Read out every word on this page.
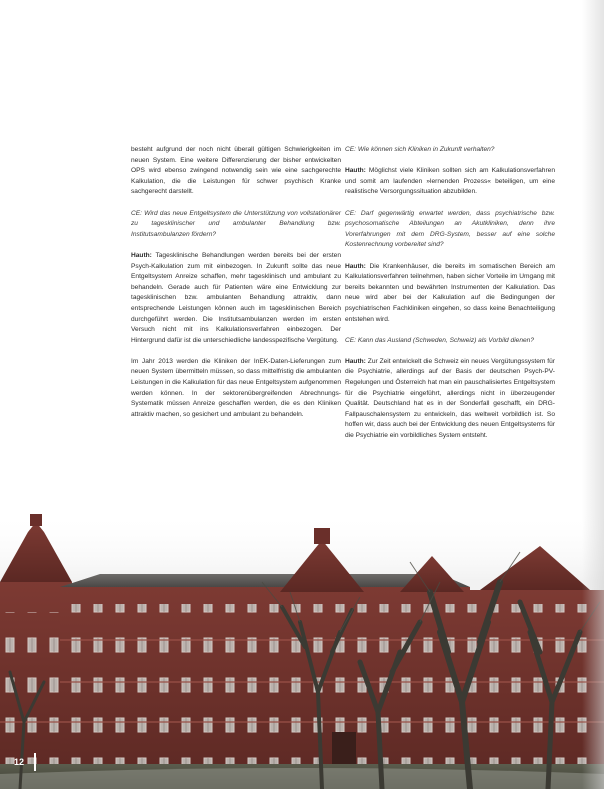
besteht aufgrund der noch nicht überall gültigen Schwierigkeiten im neuen System. Eine weitere Differenzierung der bisher entwickelten OPS wird ebenso zwingend notwendig sein wie eine sachgerechte Kalkulation, die die Leistungen für schwer psychisch Kranke sachgerecht darstellt.

CE: Wird das neue Entgeltsystem die Unterstützung von vollstationärer zu tagesklinischer und ambulanter Behandlung bzw. Institutsambulanzen fördern?

Hauth: Tagesklinische Behandlungen werden bereits bei der ersten Psych-Kalkulation zum mit einbezogen. In Zukunft sollte das neue Entgeltsystem Anreize schaffen, mehr tagesklinisch und ambulant zu behandeln. Gerade auch für Patienten wäre eine Entwicklung zur tagesklinischen bzw. ambulanten Behandlung attraktiv, dann entsprechende Leistungen können auch im tagesklinischen Bereich durchgeführt werden. Die Institutsambulanzen werden im ersten Versuch nicht mit ins Kalkulationsverfahren einbezogen. Der Hintergrund dafür ist die unterschiedliche landesspezifische Vergütung.

Im Jahr 2013 werden die Kliniken der InEK-Daten-Lieferungen zum neuen System übermitteln müssen, so dass mittelfristig die ambulanten Leistungen in die Kalkulation für das neue Entgeltsystem aufgenommen werden können. In der sektorenübergreifenden Abrechnungs-Systematik müssen Anreize geschaffen werden, die es den Kliniken attraktiv machen, so gesichert und ambulant zu behandeln.

CE: Wie können sich Kliniken in Zukunft verhalten?

Hauth: Möglichst viele Kliniken sollten sich am Kalkulationsverfahren und somit am laufenden »lernenden Prozess« beteiligen, um eine realistische Versorgungssituation abzubilden.

CE: Darf gegenwärtig erwartet werden, dass psychiatrische bzw. psychosomatische Abteilungen an Akutkliniken, denn ihre Vorerfahrungen mit dem DRG-System, besser auf eine solche Kostenrechnung vorbereitet sind?

Hauth: Die Krankenhäuser, die bereits im somatischen Bereich am Kalkulationsverfahren teilnehmen, haben sicher Vorteile im Umgang mit bereits bekannten und bewährten Instrumenten der Kalkulation. Das neue wird aber bei der Kalkulation auf die Bedingungen der psychiatrischen Fachkliniken eingehen, so dass keine Benachteiligung entstehen wird.

CE: Kann das Ausland (Schweden, Schweiz) als Vorbild dienen?

Hauth: Zur Zeit entwickelt die Schweiz ein neues Vergütungssystem für die Psychiatrie, allerdings auf der Basis der deutschen Psych-PV-Regelungen und Österreich hat man ein pauschalisiertes Entgeltsystem für die Psychiatrie eingeführt, allerdings nicht in überzeugender Qualität. Deutschland hat es in der Sonderfall geschafft, ein DRG-Fallpauschalensystem zu entwickeln, das weltweit vorbildlich ist. So hoffen wir, dass auch bei der Entwicklung des neuen Entgeltsystems für die Psychiatrie ein vorbildliches System entsteht.

12
